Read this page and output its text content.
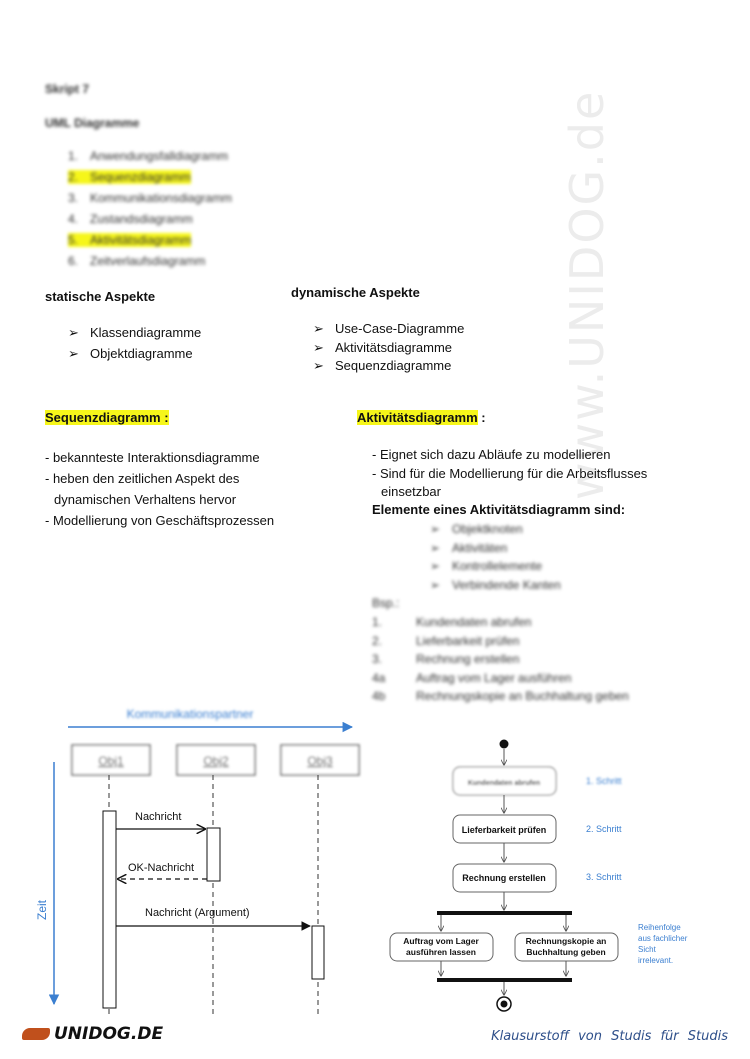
www.UNIDOG.de
Skript 7
UML Diagramme
1. Anwendungsfalldiagramm
2. Sequenzdiagramm
3. Kommunikationsdiagramm
4. Zustandsdiagramm
5. Aktivitätsdiagramm
6. Zeitverlaufsdiagramm
statische Aspekte
➢ Klassendiagramme
➢ Objektdiagramme
dynamische Aspekte
➢ Use-Case-Diagramme
➢ Aktivitätsdiagramme
➢ Sequenzdiagramme
Sequenzdiagramm :
- bekannteste Interaktionsdiagramme
- heben den zeitlichen Aspekt des
dynamischen Verhaltens hervor
- Modellierung von Geschäftsprozessen
Aktivitätsdiagramm :
- Eignet sich dazu Abläufe zu modellieren
- Sind für die Modellierung für die Arbeitsflusses
einsetzbar
Elemente eines Aktivitätsdiagramm sind:
➢ Objektknoten
➢ Aktivitäten
➢ Kontrollelemente
➢ Verbindende Kanten
Bsp.:
1.	Kundendaten abrufen
2.	Lieferbarkeit prüfen
3.	Rechnung erstellen
4a	Auftrag vom Lager ausführen
4b	Rechnungskopie an Buchhaltung geben
Kommunikationspartner
Zeit
Obj1	Obj2	Obj3
Nachricht
OK-Nachricht
Nachricht (Argument)
Kundendaten abrufen	1. Schritt
Lieferbarkeit prüfen	2. Schritt
Rechnung erstellen	3. Schritt
Auftrag vom Lager
ausführen lassen
Rechnungskopie an
Buchhaltung geben
Reihenfolge
aus fachlicher
Sicht
irrelevant.
UNIDOG.DE	Klausurstoff von Studis für Studis
